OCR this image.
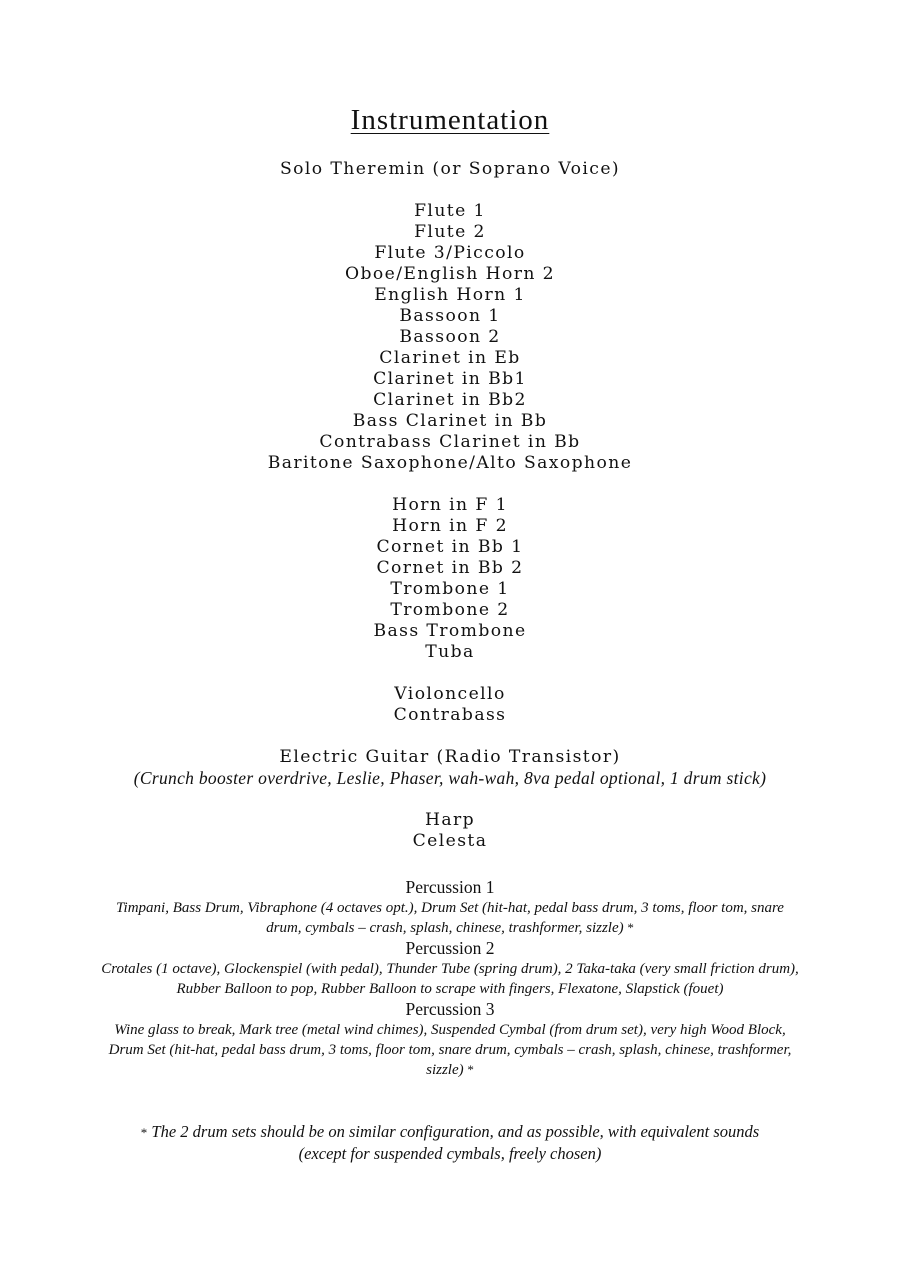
Instrumentation
Solo Theremin (or Soprano Voice)
Flute 1
Flute 2
Flute 3/Piccolo
Oboe/English Horn 2
English Horn 1
Bassoon 1
Bassoon 2
Clarinet in Eb
Clarinet in Bb1
Clarinet in Bb2
Bass Clarinet in Bb
Contrabass Clarinet in Bb
Baritone Saxophone/Alto Saxophone
Horn in F 1
Horn in F 2
Cornet in Bb 1
Cornet in Bb 2
Trombone 1
Trombone 2
Bass Trombone
Tuba
Violoncello
Contrabass
Electric Guitar (Radio Transistor)
(Crunch booster overdrive, Leslie, Phaser, wah-wah, 8va pedal optional, 1 drum stick)
Harp
Celesta
Percussion 1
Timpani, Bass Drum, Vibraphone (4 octaves opt.), Drum Set (hit-hat, pedal bass drum, 3 toms, floor tom, snare drum, cymbals – crash, splash, chinese, trashformer, sizzle) *
Percussion 2
Crotales (1 octave), Glockenspiel (with pedal), Thunder Tube (spring drum), 2 Taka-taka (very small friction drum), Rubber Balloon to pop, Rubber Balloon to scrape with fingers, Flexatone, Slapstick (fouet)
Percussion 3
Wine glass to break, Mark tree (metal wind chimes), Suspended Cymbal (from drum set), very high Wood Block, Drum Set (hit-hat, pedal bass drum, 3 toms, floor tom, snare drum, cymbals – crash, splash, chinese, trashformer, sizzle) *
* The 2 drum sets should be on similar configuration, and as possible, with equivalent sounds
(except for suspended cymbals, freely chosen)
